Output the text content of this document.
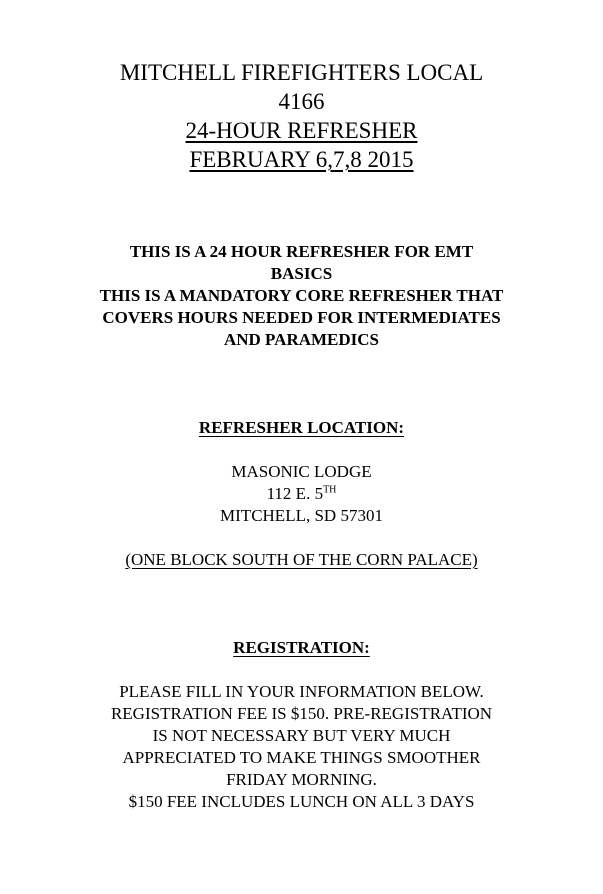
MITCHELL FIREFIGHTERS LOCAL
4166
24-HOUR REFRESHER
FEBRUARY 6,7,8 2015
THIS IS A 24 HOUR REFRESHER FOR EMT
BASICS
THIS IS A MANDATORY CORE REFRESHER THAT
COVERS HOURS NEEDED FOR INTERMEDIATES
AND PARAMEDICS
REFRESHER LOCATION:
MASONIC LODGE
112 E. 5TH
MITCHELL, SD 57301
(ONE BLOCK SOUTH OF THE CORN PALACE)
REGISTRATION:
PLEASE FILL IN YOUR INFORMATION BELOW.
REGISTRATION FEE IS $150. PRE-REGISTRATION
IS NOT NECESSARY BUT VERY MUCH
APPRECIATED TO MAKE THINGS SMOOTHER
FRIDAY MORNING.
$150 FEE INCLUDES LUNCH ON ALL 3 DAYS
